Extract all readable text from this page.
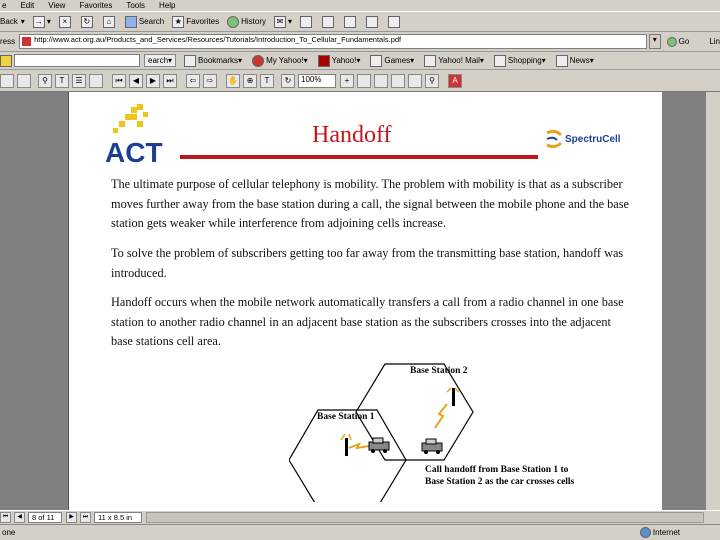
e Edit View Favorites Tools Help
Back ▾ → ▾	×	↻	⌂	Search	★ Favorites	History	✉ ▾
ress	http://www.act.org.au/Products_and_Services/Resources/Tutorials/Introduction_To_Cellular_Fundamentals.pdf	▾	Go	Lin
earch ▾	Bookmarks ▾	My Yahoo! ▾	Yahoo! ▾	Games ▾	Yahoo! Mail ▾	Shopping ▾	News ▾
⚲	T	☰	⏮	◀	▶	⏭	⇦	⇨	✋	⊕	T	↻	100%	+	⚲	A
ACT
Handoff	SpectruCell

The ultimate purpose of cellular telephony is mobility. The problem with mobility is that as a subscriber moves further away from the base station during a call, the signal between the mobile phone and the base station gets weaker while interference from adjoining cells increase.

To solve the problem of subscribers getting too far away from the transmitting base station, handoff was introduced.

Handoff occurs when the mobile network automatically transfers a call from a radio channel in one base station to another radio channel in an adjacent base station as the subscribers crosses into the adjacent base stations cell area.

Base Station 2
Base Station 1
Call handoff from Base Station 1 to
Base Station 2 as the car crosses cells
⏮	◀	8 of 11	▶	⏭	11 x 8.5 in
one	Internet
